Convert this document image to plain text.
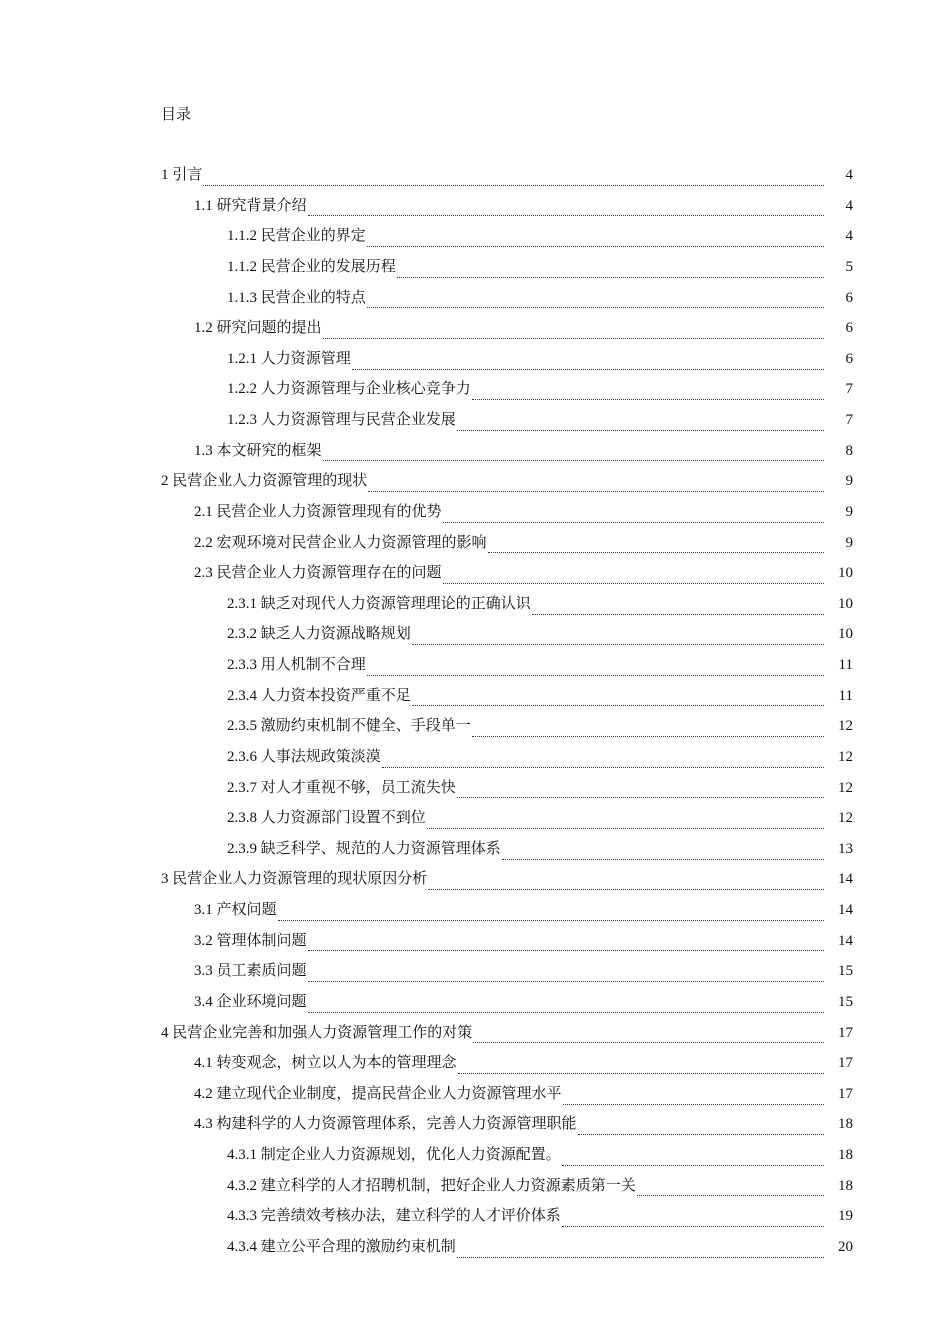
目录
1 引言	4
1.1 研究背景介绍	4
1.1.2 民营企业的界定	4
1.1.2 民营企业的发展历程	5
1.1.3 民营企业的特点	6
1.2 研究问题的提出	6
1.2.1 人力资源管理	6
1.2.2 人力资源管理与企业核心竞争力	7
1.2.3 人力资源管理与民营企业发展	7
1.3 本文研究的框架	8
2 民营企业人力资源管理的现状	9
2.1 民营企业人力资源管理现有的优势	9
2.2 宏观环境对民营企业人力资源管理的影响	9
2.3 民营企业人力资源管理存在的问题	10
2.3.1 缺乏对现代人力资源管理理论的正确认识	10
2.3.2 缺乏人力资源战略规划	10
2.3.3 用人机制不合理	11
2.3.4 人力资本投资严重不足	11
2.3.5 激励约束机制不健全、手段单一	12
2.3.6 人事法规政策淡漠	12
2.3.7 对人才重视不够，员工流失快	12
2.3.8 人力资源部门设置不到位	12
2.3.9 缺乏科学、规范的人力资源管理体系	13
3 民营企业人力资源管理的现状原因分析	14
3.1 产权问题	14
3.2 管理体制问题	14
3.3 员工素质问题	15
3.4 企业环境问题	15
4 民营企业完善和加强人力资源管理工作的对策	17
4.1 转变观念，树立以人为本的管理理念	17
4.2 建立现代企业制度，提高民营企业人力资源管理水平	17
4.3 构建科学的人力资源管理体系，完善人力资源管理职能	18
4.3.1 制定企业人力资源规划，优化人力资源配置。	18
4.3.2 建立科学的人才招聘机制，把好企业人力资源素质第一关	18
4.3.3 完善绩效考核办法，建立科学的人才评价体系	19
4.3.4 建立公平合理的激励约束机制	20
